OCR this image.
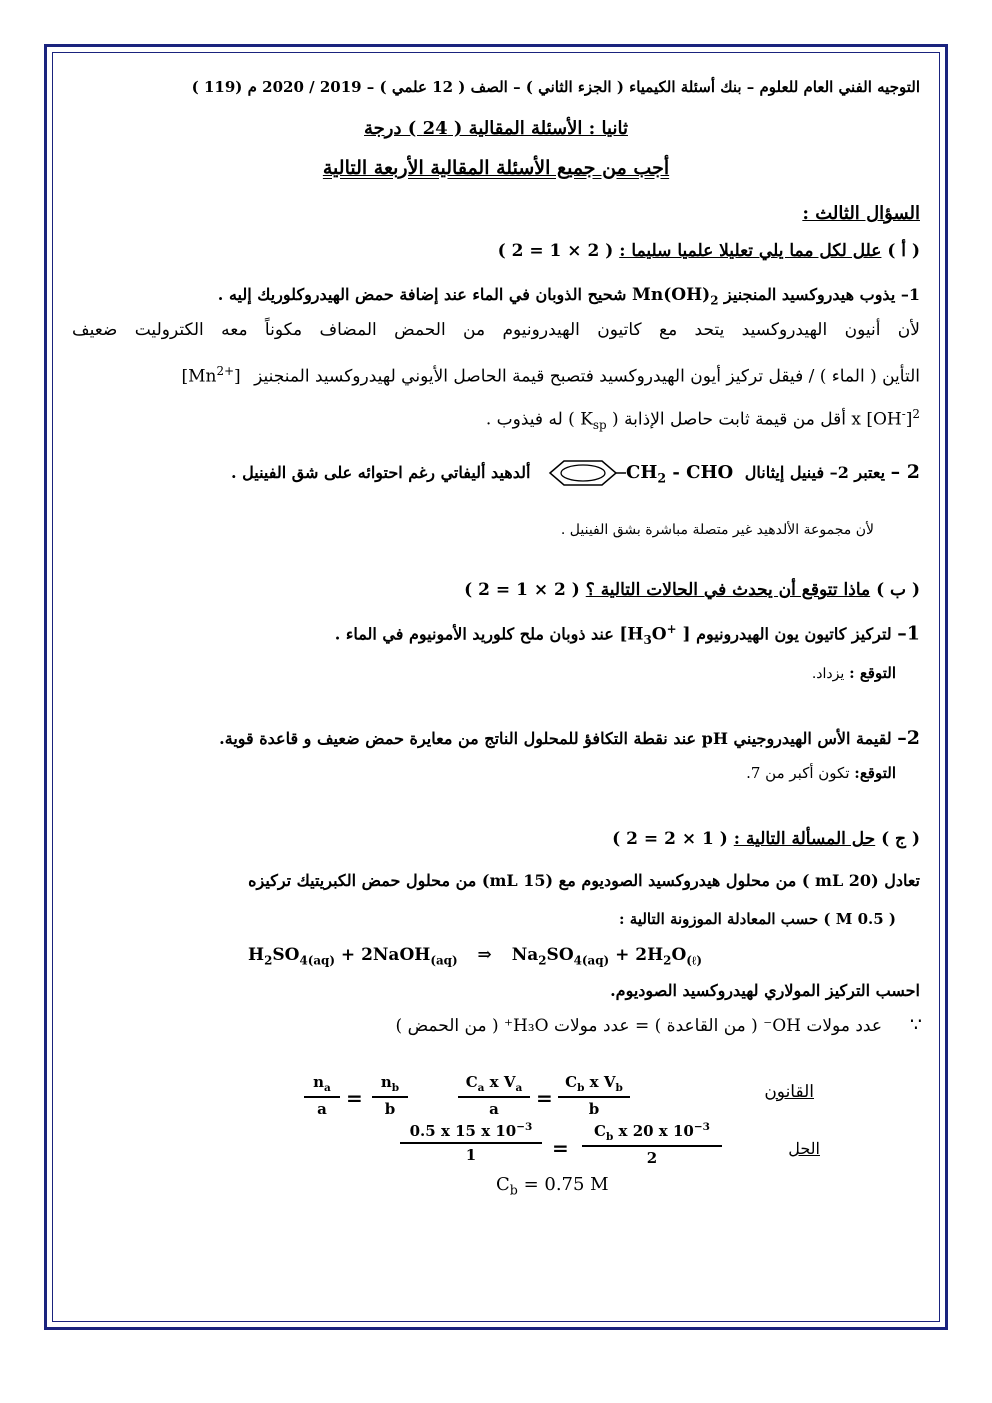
التوجيه الفني العام للعلوم – بنك أسئلة الكيمياء ( الجزء الثاني ) – الصف ( 12 علمي ) – 2019 / 2020 م (119 )
ثانيا : الأسئلة المقالية ( 24 ) درجة
أجب من جميع الأسئلة المقالية الأربعة التالية
السؤال الثالث :
( أ ) علل لكل مما يلي تعليلا علميا سليما : ( 2 × 1 = 2 )
1– يذوب هيدروكسيد المنجنيز $Mn(OH)_2$ شحيح الذوبان في الماء عند إضافة حمض الهيدروكلوريك إليه .
لأن أنيون الهيدروكسيد يتحد مع كاتيون الهيدرونيوم من الحمض المضاف مكوناً معه الكتروليت ضعيف
التأين ( الماء ) / فيقل تركيز أيون الهيدروكسيد فتصبح قيمة الحاصل الأيوني لهيدروكسيد المنجنيز $[Mn^{2+}]$
x $[OH^-]^2$ أقل من قيمة ثابت حاصل الإذابة ( $K_{sp}$ ) له فيذوب .
2 – يعتبر 2– فينيل إيثانال $CH_2$ - CHO ألدهيد أليفاتي رغم احتوائه على شق الفينيل .
لأن مجموعة الألدهيد غير متصلة مباشرة بشق الفينيل .
( ب ) ماذا تتوقع أن يحدث في الحالات التالية ؟ ( 2 × 1 = 2 )
1– لتركيز كاتيون يون الهيدرونيوم [$H_3O^+$ ] عند ذوبان ملح كلوريد الأمونيوم في الماء .
التوقع : يزداد.
2– لقيمة الأس الهيدروجيني pH عند نقطة التكافؤ للمحلول الناتج من معايرة حمض ضعيف و قاعدة قوية.
التوقع: تكون أكبر من 7.
( ج ) حل المسألة التالية : ( 1 × 2 = 2 )
تعادل (20 mL ) من محلول هيدروكسيد الصوديوم مع (15 mL) من محلول حمض الكبريتيك تركيزه
( 0.5 M ) حسب المعادلة الموزونة التالية :
$H_2SO_{4(aq)}$ + 2NaOH$_{(aq)}$ ⇒ $Na_2SO_{4(aq)} + 2H_2O_{(\ell)}$
احسب التركيز المولاري لهيدروكسيد الصوديوم.
عدد مولات OH⁻ ( من القاعدة ) = عدد مولات H₃O⁺ ( من الحمض ) ∵
القانون
$\frac{n_a}{a} = \frac{n_b}{b}$	$\frac{C_a x V_a}{a} = \frac{C_b x V_b}{b}$
الحل
$\frac{0.5 x 15 x 10^{-3}}{1} = \frac{C_b x 20 x 10^{-3}}{2}$
$C_b = 0.75$ M
